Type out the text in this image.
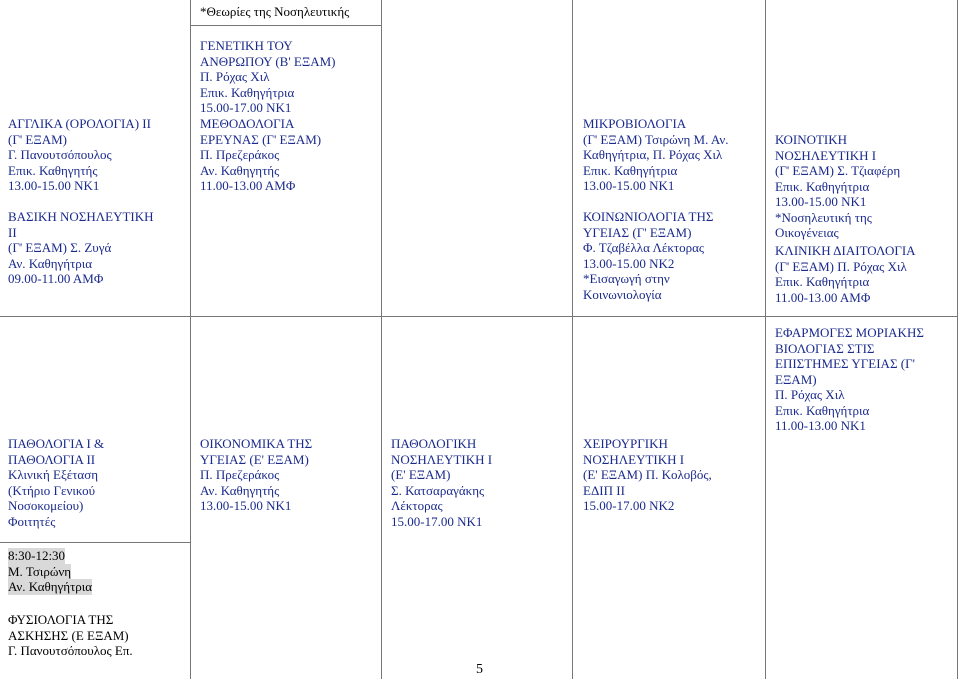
*Θεωρίες της Νοσηλευτικής
ΑΓΓΛΙΚΑ (ΟΡΟΛΟΓΙΑ) ΙΙ
(Γ' ΕΞΑΜ)
Γ. Πανουτσόπουλος
Επικ. Καθηγητής
13.00-15.00 ΝΚ1
ΒΑΣΙΚΗ ΝΟΣΗΛΕΥΤΙΚΗ
ΙΙ
(Γ' ΕΞΑΜ) Σ. Ζυγά
Αν. Καθηγήτρια
09.00-11.00 ΑΜΦ
ΓΕΝΕΤΙΚΗ ΤΟΥ
ΑΝΘΡΩΠΟΥ (Β' ΕΞΑΜ)
Π. Ρόχας Χιλ
Επικ. Καθηγήτρια
15.00-17.00 ΝΚ1
ΜΕΘΟΔΟΛΟΓΙΑ
ΕΡΕΥΝΑΣ (Γ' ΕΞΑΜ)
Π. Πρεζεράκος
Αν. Καθηγητής
11.00-13.00 ΑΜΦ
ΜΙΚΡΟΒΙΟΛΟΓΙΑ
(Γ' ΕΞΑΜ) Τσιρώνη Μ. Αν.
Καθηγήτρια, Π. Ρόχας Χιλ
Επικ. Καθηγήτρια
13.00-15.00 ΝΚ1
ΚΟΙΝΩΝΙΟΛΟΓΙΑ ΤΗΣ
ΥΓΕΙΑΣ (Γ' ΕΞΑΜ)
Φ. Τζαβέλλα Λέκτορας
13.00-15.00 ΝΚ2
*Εισαγωγή στην
Κοινωνιολογία
ΚΟΙΝΟΤΙΚΗ
ΝΟΣΗΛΕΥΤΙΚΗ Ι
(Γ' ΕΞΑΜ) Σ. Τζιαφέρη
Επικ. Καθηγήτρια
13.00-15.00 ΝΚ1
*Νοσηλευτική της
Οικογένειας
ΚΛΙΝΙΚΗ ΔΙΑΙΤΟΛΟΓΙΑ
(Γ' ΕΞΑΜ) Π. Ρόχας Χιλ
Επικ. Καθηγήτρια
11.00-13.00 ΑΜΦ
ΠΑΘΟΛΟΓΙΑ Ι &
ΠΑΘΟΛΟΓΙΑ ΙΙ
Κλινική Εξέταση
(Κτήριο Γενικού
Νοσοκομείου)
Φοιτητές
8:30-12:30
Μ. Τσιρώνη
Αν. Καθηγήτρια
ΦΥΣΙΟΛΟΓΙΑ ΤΗΣ
ΑΣΚΗΣΗΣ (Ε ΕΞΑΜ)
Γ. Πανουτσόπουλος Επ.
ΟΙΚΟΝΟΜΙΚΑ ΤΗΣ
ΥΓΕΙΑΣ (Ε' ΕΞΑΜ)
Π. Πρεζεράκος
Αν. Καθηγητής
13.00-15.00 ΝΚ1
ΠΑΘΟΛΟΓΙΚΗ
ΝΟΣΗΛΕΥΤΙΚΗ Ι
(Ε' ΕΞΑΜ)
Σ. Κατσαραγάκης
Λέκτορας
15.00-17.00 ΝΚ1
ΧΕΙΡΟΥΡΓΙΚΗ
ΝΟΣΗΛΕΥΤΙΚΗ Ι
(Ε' ΕΞΑΜ) Π. Κολοβός,
ΕΔΙΠ ΙΙ
15.00-17.00 ΝΚ2
ΕΦΑΡΜΟΓΕΣ ΜΟΡΙΑΚΗΣ
ΒΙΟΛΟΓΙΑΣ ΣΤΙΣ
ΕΠΙΣΤΗΜΕΣ ΥΓΕΙΑΣ (Γ'
ΕΞΑΜ)
Π. Ρόχας Χιλ
Επικ. Καθηγήτρια
11.00-13.00 ΝΚ1
5
